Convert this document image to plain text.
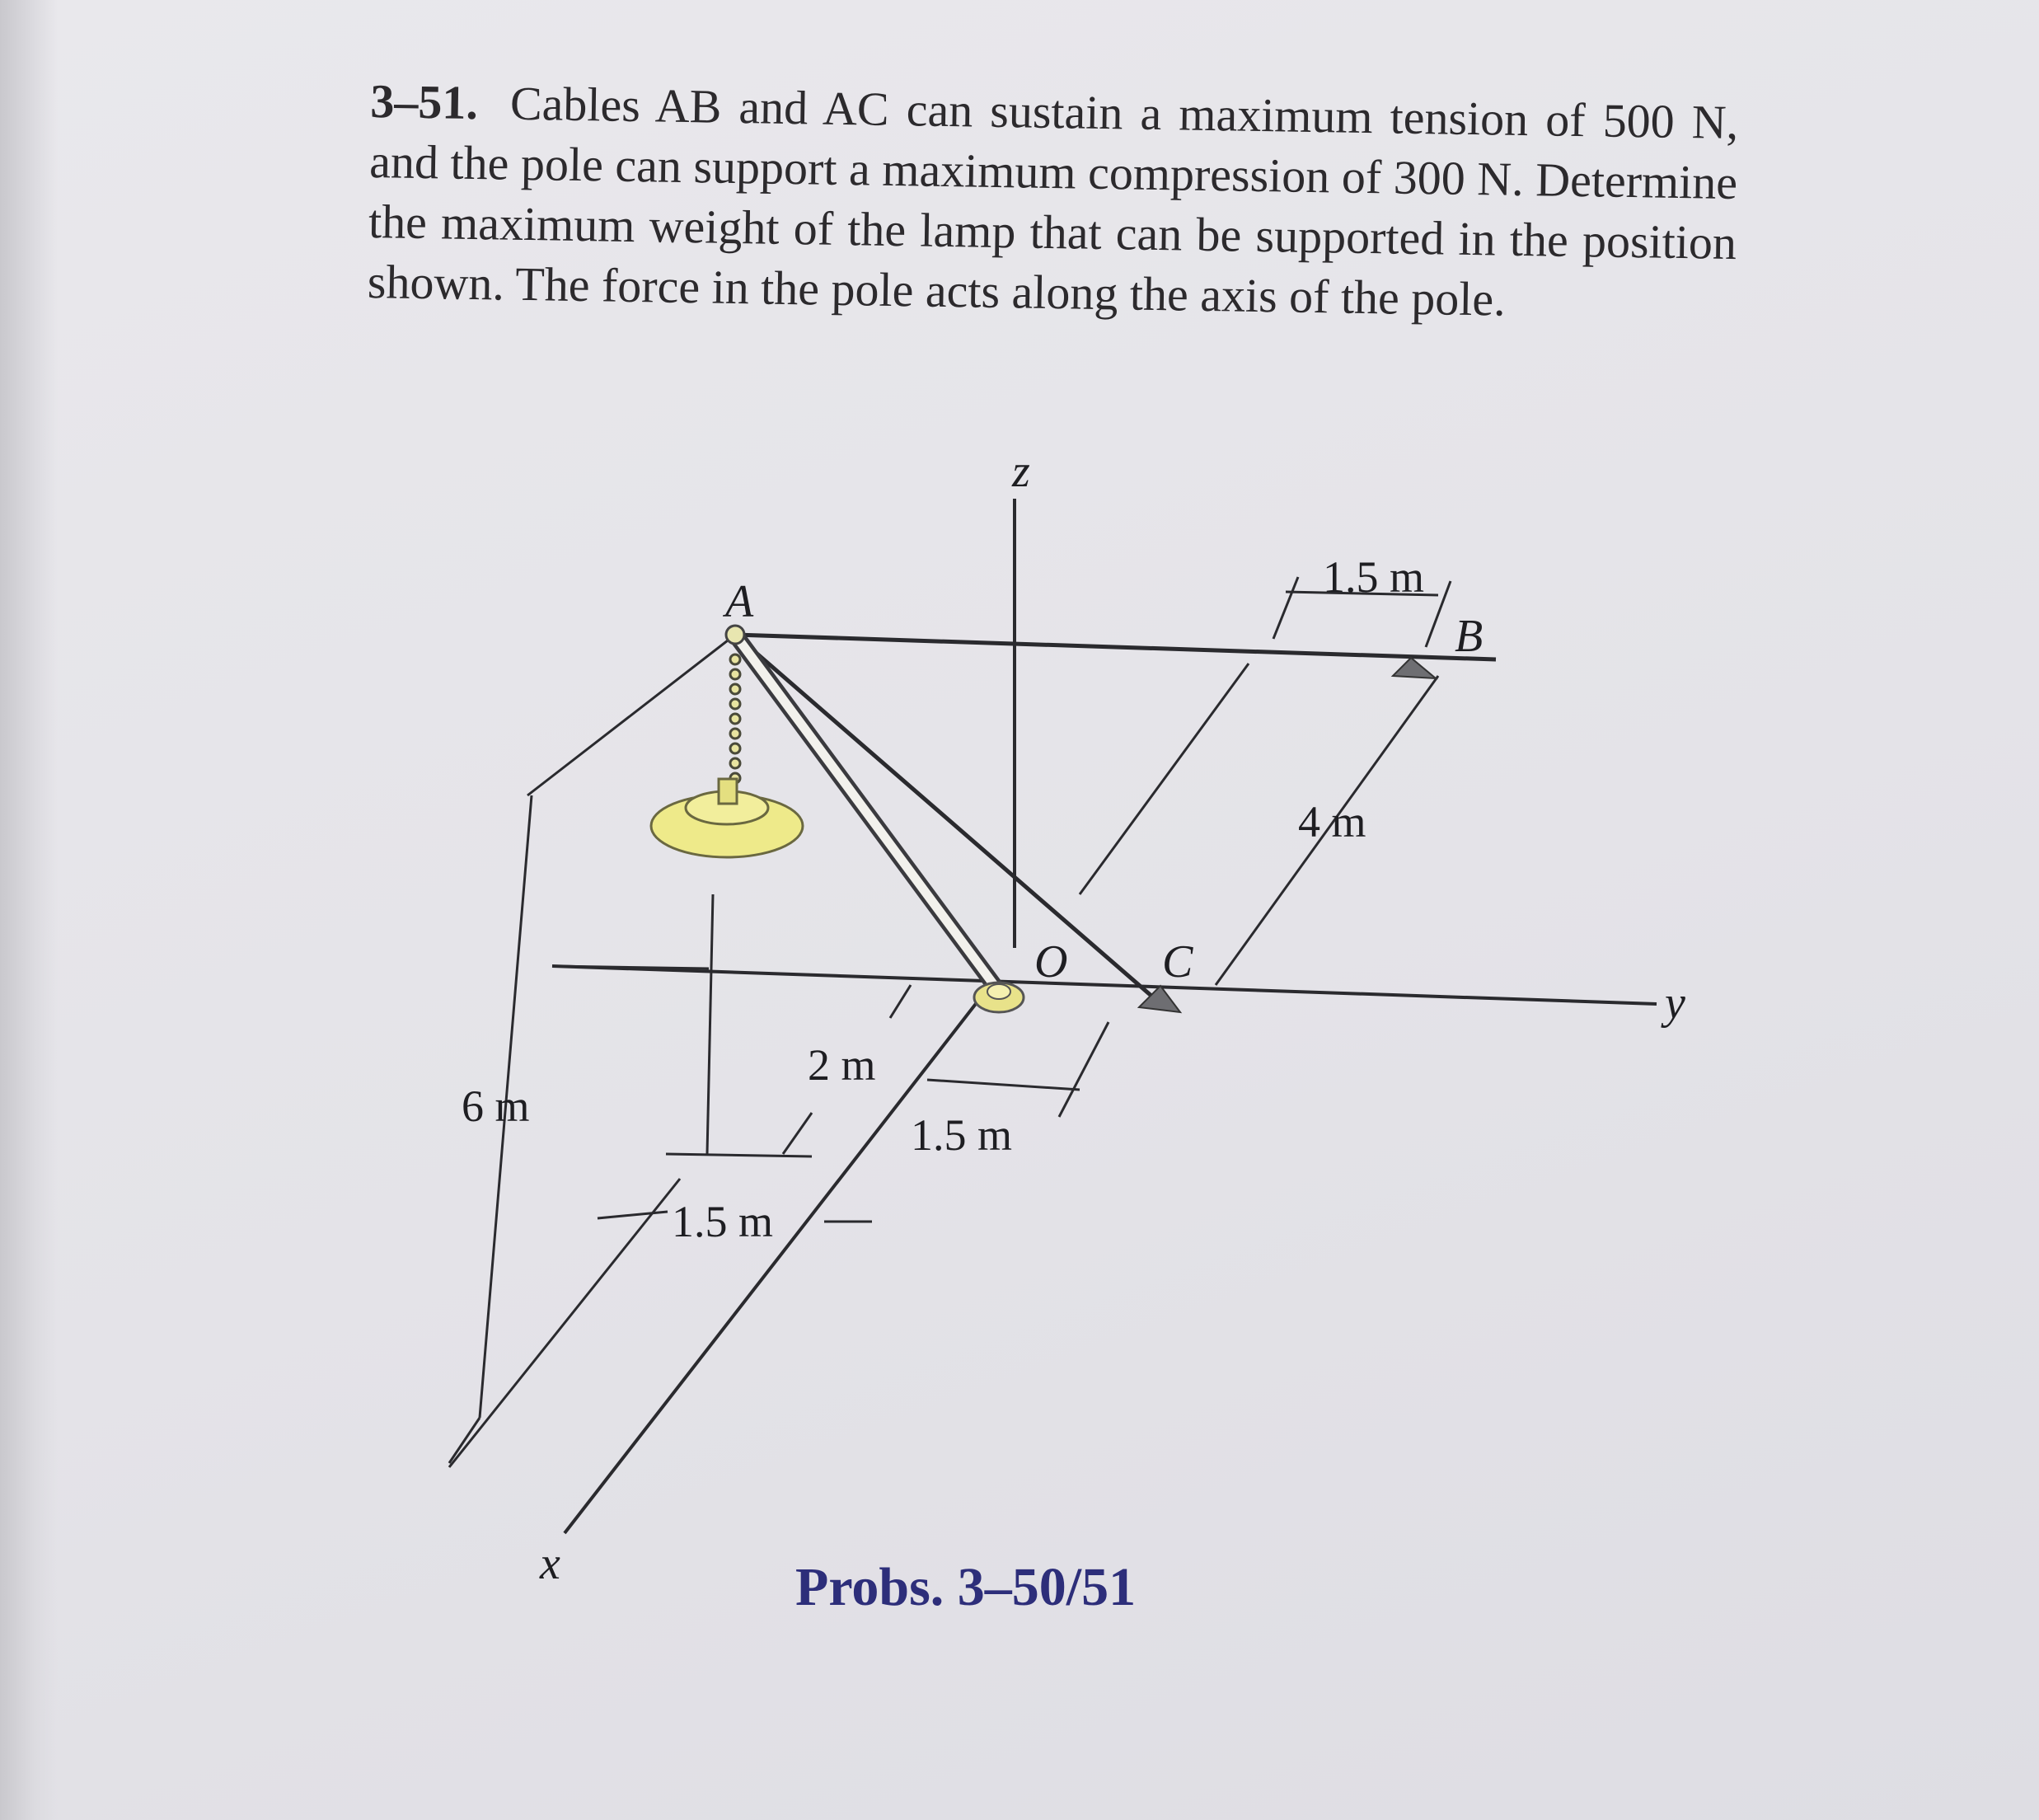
3–51. Cables AB and AC can sustain a maximum tension of 500 N, and the pole can support a maximum compression of 300 N. Determine the maximum weight of the lamp that can be supported in the position shown. The force in the pole acts along the axis of the pole.
6 m
2 m
1.5 m
1.5 m
1.5 m
4 m
A
B
C
O
z
y
x	Probs. 3–50/51
